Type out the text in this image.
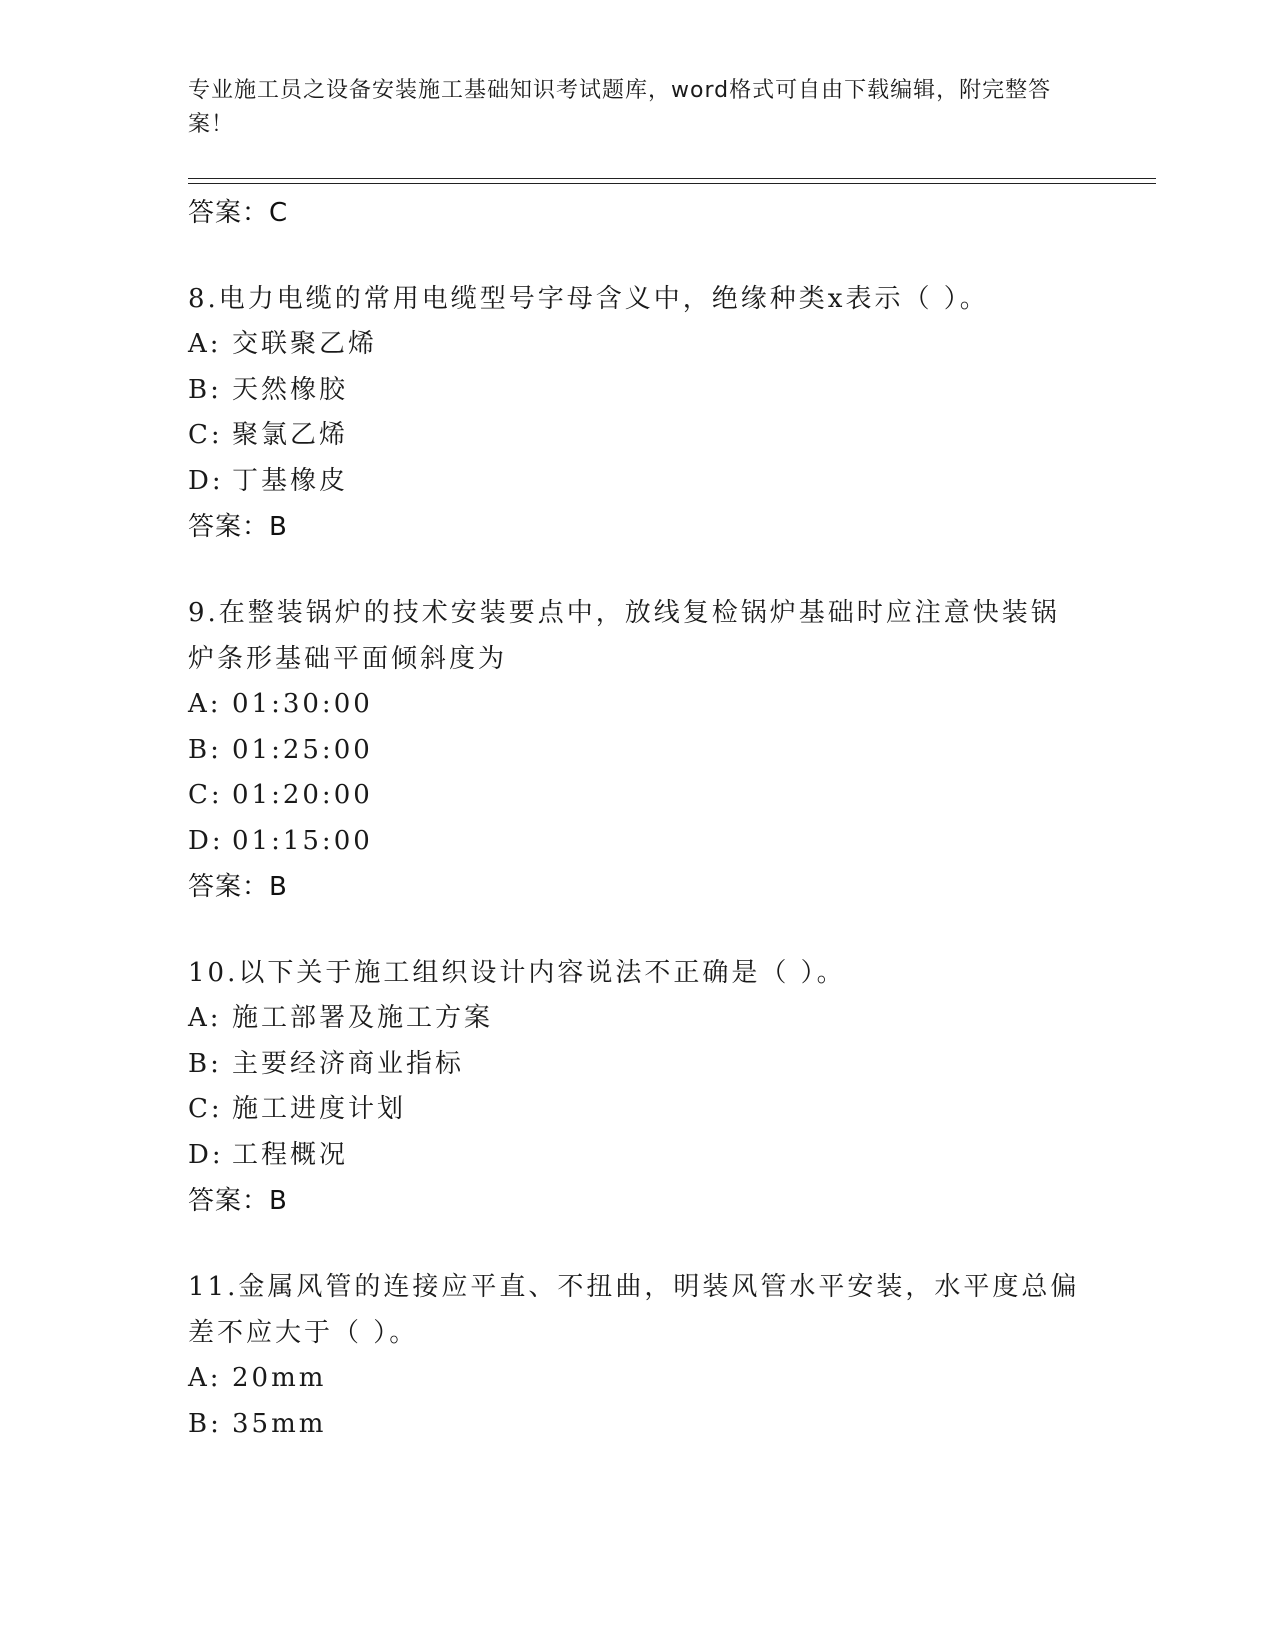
专业施工员之设备安装施工基础知识考试题库，word格式可自由下载编辑，附完整答案！
答案：C
8.电力电缆的常用电缆型号字母含义中，绝缘种类x表示（ ）。
A: 交联聚乙烯
B: 天然橡胶
C: 聚氯乙烯
D: 丁基橡皮
答案：B
9.在整装锅炉的技术安装要点中，放线复检锅炉基础时应注意快装锅炉条形基础平面倾斜度为
A: 01:30:00
B: 01:25:00
C: 01:20:00
D: 01:15:00
答案：B
10.以下关于施工组织设计内容说法不正确是（ ）。
A: 施工部署及施工方案
B: 主要经济商业指标
C: 施工进度计划
D: 工程概况
答案：B
11.金属风管的连接应平直、不扭曲，明装风管水平安装，水平度总偏差不应大于（ ）。
A: 20mm
B: 35mm
